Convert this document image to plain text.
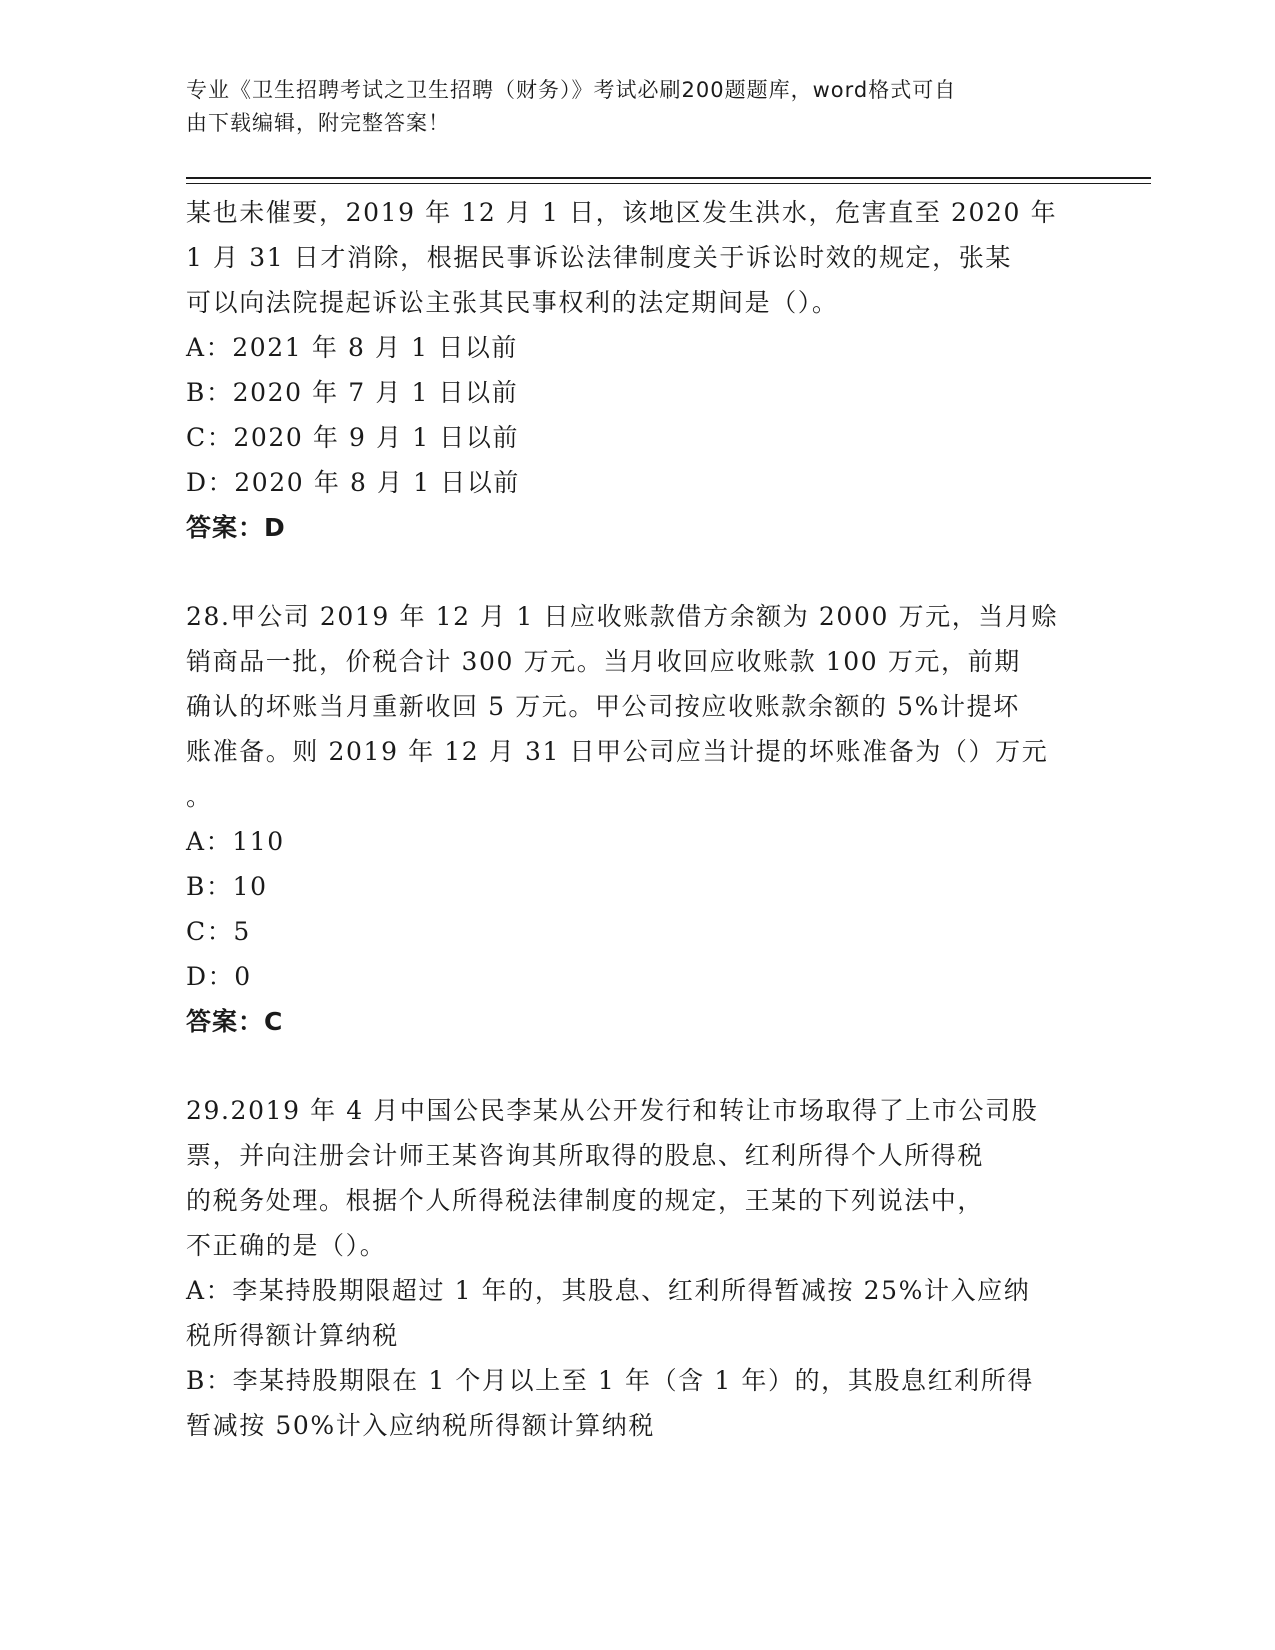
专业《卫生招聘考试之卫生招聘（财务）》考试必刷200题题库，word格式可自
由下载编辑，附完整答案！
某也未催要，2019 年 12 月 1 日，该地区发生洪水，危害直至 2020 年
1 月 31 日才消除，根据民事诉讼法律制度关于诉讼时效的规定，张某
可以向法院提起诉讼主张其民事权利的法定期间是（）。
A：2021 年 8 月 1 日以前
B：2020 年 7 月 1 日以前
C：2020 年 9 月 1 日以前
D：2020 年 8 月 1 日以前
答案：D
28.甲公司 2019 年 12 月 1 日应收账款借方余额为 2000 万元，当月赊
销商品一批，价税合计 300 万元。当月收回应收账款 100 万元，前期
确认的坏账当月重新收回 5 万元。甲公司按应收账款余额的 5%计提坏
账准备。则 2019 年 12 月 31 日甲公司应当计提的坏账准备为（）万元
。
A：110
B：10
C：5
D：0
答案：C
29.2019 年 4 月中国公民李某从公开发行和转让市场取得了上市公司股
票，并向注册会计师王某咨询其所取得的股息、红利所得个人所得税
的税务处理。根据个人所得税法律制度的规定，王某的下列说法中，
不正确的是（）。
A：李某持股期限超过 1 年的，其股息、红利所得暂减按 25%计入应纳
税所得额计算纳税
B：李某持股期限在 1 个月以上至 1 年（含 1 年）的，其股息红利所得
暂减按 50%计入应纳税所得额计算纳税
